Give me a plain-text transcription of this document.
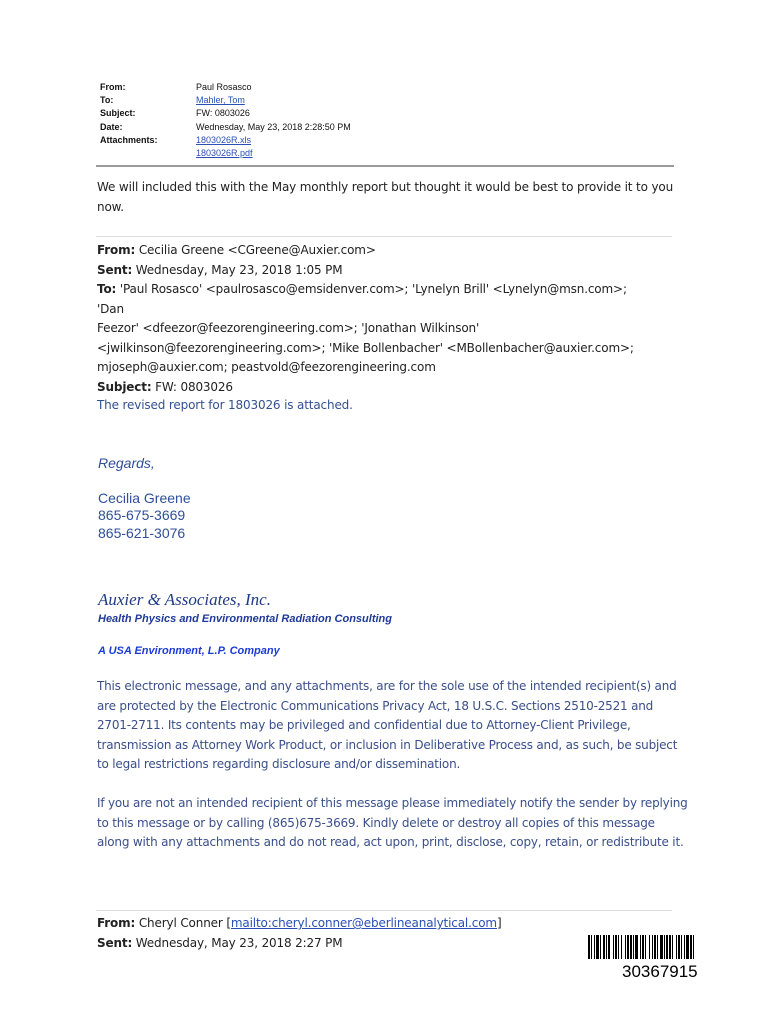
From:	Paul Rosasco
To:	Mahler, Tom
Subject:	FW: 0803026
Date:	Wednesday, May 23, 2018 2:28:50 PM
Attachments:	1803026R.xls
1803026R.pdf
We will included this with the May monthly report but thought it would be best to provide it to you
now.
From: Cecilia Greene <CGreene@Auxier.com>
Sent: Wednesday, May 23, 2018 1:05 PM
To: 'Paul Rosasco' <paulrosasco@emsidenver.com>; 'Lynelyn Brill' <Lynelyn@msn.com>; 'Dan
Feezor' <dfeezor@feezorengineering.com>; 'Jonathan Wilkinson'
<jwilkinson@feezorengineering.com>; 'Mike Bollenbacher' <MBollenbacher@auxier.com>;
mjoseph@auxier.com; peastvold@feezorengineering.com
Subject: FW: 0803026
The revised report for 1803026 is attached.
Regards,
Cecilia Greene
865-675-3669
865-621-3076
Auxier & Associates, Inc.
Health Physics and Environmental Radiation Consulting
A USA Environment, L.P. Company
This electronic message, and any attachments, are for the sole use of the intended recipient(s) and
are protected by the Electronic Communications Privacy Act, 18 U.S.C. Sections 2510-2521 and
2701-2711. Its contents may be privileged and confidential due to Attorney-Client Privilege,
transmission as Attorney Work Product, or inclusion in Deliberative Process and, as such, be subject
to legal restrictions regarding disclosure and/or dissemination.
If you are not an intended recipient of this message please immediately notify the sender by replying
to this message or by calling (865)675-3669. Kindly delete or destroy all copies of this message
along with any attachments and do not read, act upon, print, disclose, copy, retain, or redistribute it.
From: Cheryl Conner [mailto:cheryl.conner@eberlineanalytical.com]
Sent: Wednesday, May 23, 2018 2:27 PM
30367915
